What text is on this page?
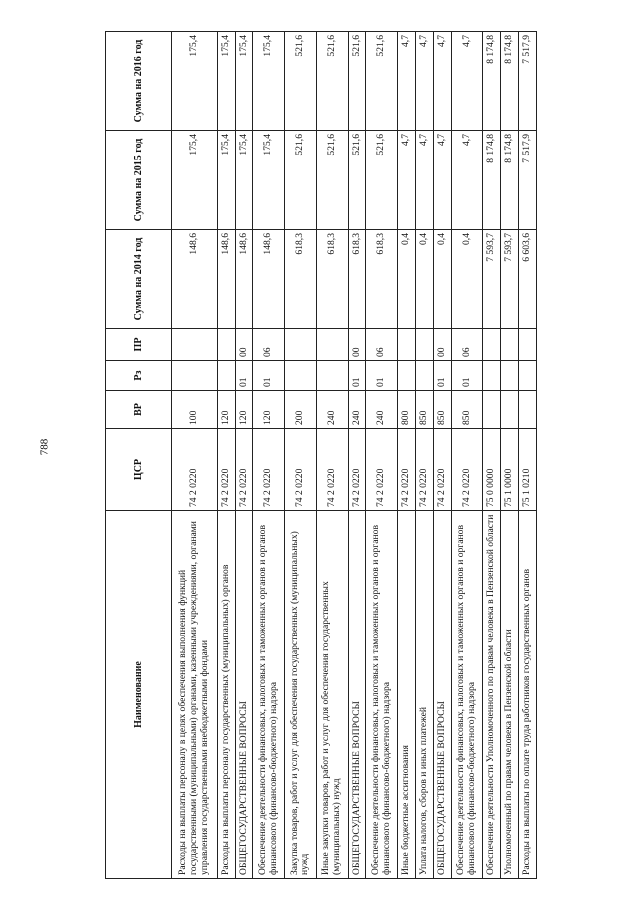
788
Наименование	ЦСР	ВР	Рз	ПР	Сумма на 2014 год	Сумма на 2015 год	Сумма на 2016 год
Расходы на выплаты персоналу в целях обеспечения выполнения функций государственными (муниципальными) органами, казенными учреждениями, органами управления государственными внебюджетными фондами	74 2 0220	100			148,6	175,4	175,4
Расходы на выплаты персоналу государственных (муниципальных) органов	74 2 0220	120			148,6	175,4	175,4
ОБЩЕГОСУДАРСТВЕННЫЕ ВОПРОСЫ	74 2 0220	120	01	00	148,6	175,4	175,4
Обеспечение деятельности финансовых, налоговых и таможенных органов и органов финансового (финансово-бюджетного) надзора	74 2 0220	120	01	06	148,6	175,4	175,4
Закупка товаров, работ и услуг для обеспечения государственных (муниципальных) нужд	74 2 0220	200			618,3	521,6	521,6
Иные закупки товаров, работ и услуг для обеспечения государственных (муниципальных) нужд	74 2 0220	240			618,3	521,6	521,6
ОБЩЕГОСУДАРСТВЕННЫЕ ВОПРОСЫ	74 2 0220	240	01	00	618,3	521,6	521,6
Обеспечение деятельности финансовых, налоговых и таможенных органов и органов финансового (финансово-бюджетного) надзора	74 2 0220	240	01	06	618,3	521,6	521,6
Иные бюджетные ассигнования	74 2 0220	800			0,4	4,7	4,7
Уплата налогов, сборов и иных платежей	74 2 0220	850			0,4	4,7	4,7
ОБЩЕГОСУДАРСТВЕННЫЕ ВОПРОСЫ	74 2 0220	850	01	00	0,4	4,7	4,7
Обеспечение деятельности финансовых, налоговых и таможенных органов и органов финансового (финансово-бюджетного) надзора	74 2 0220	850	01	06	0,4	4,7	4,7
Обеспечение деятельности Уполномоченного по правам человека в Пензенской области	75 0 0000				7 593,7	8 174,8	8 174,8
Уполномоченный по правам человека в Пензенской области	75 1 0000				7 593,7	8 174,8	8 174,8
Расходы на выплаты по оплате труда работников государственных органов	75 1 0210				6 603,6	7 517,9	7 517,9
